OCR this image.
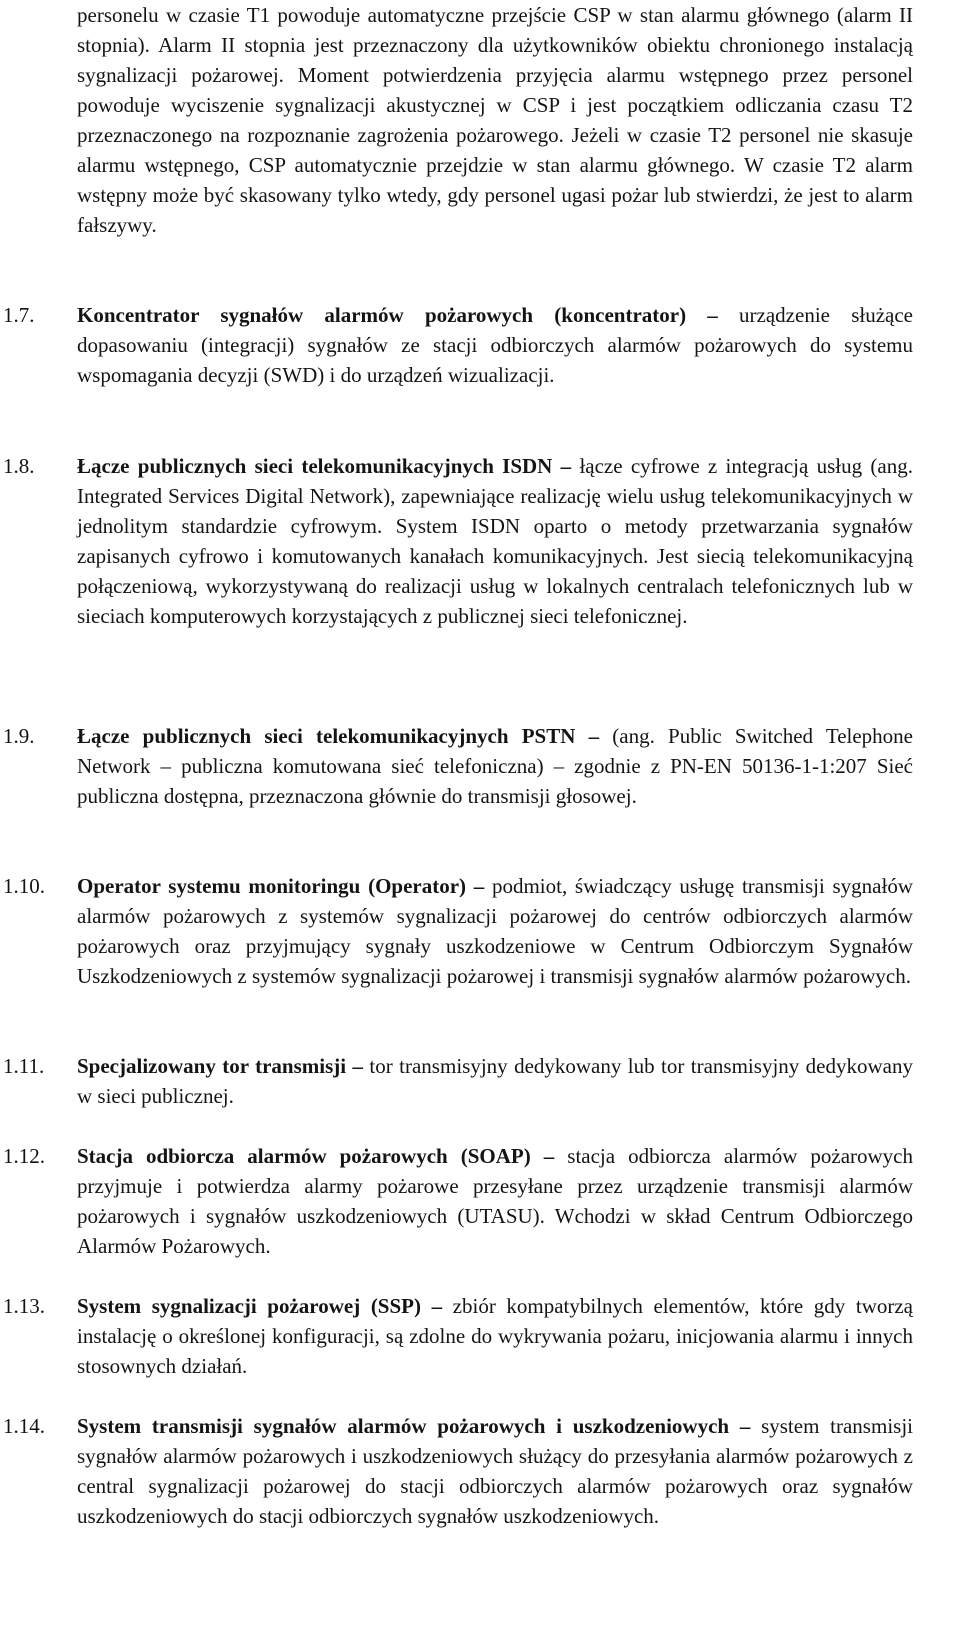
personelu w czasie T1 powoduje automatyczne przejście CSP w stan alarmu głównego (alarm II stopnia). Alarm II stopnia jest przeznaczony dla użytkowników obiektu chronionego instalacją sygnalizacji pożarowej. Moment potwierdzenia przyjęcia alarmu wstępnego przez personel powoduje wyciszenie sygnalizacji akustycznej w CSP i jest początkiem odliczania czasu T2 przeznaczonego na rozpoznanie zagrożenia pożarowego. Jeżeli w czasie T2 personel nie skasuje alarmu wstępnego, CSP automatycznie przejdzie w stan alarmu głównego. W czasie T2 alarm wstępny może być skasowany tylko wtedy, gdy personel ugasi pożar lub stwierdzi, że jest to alarm fałszywy.

1.7.	Koncentrator sygnałów alarmów pożarowych (koncentrator) – urządzenie służące dopasowaniu (integracji) sygnałów ze stacji odbiorczych alarmów pożarowych do systemu wspomagania decyzji (SWD) i do urządzeń wizualizacji.

1.8.	Łącze publicznych sieci telekomunikacyjnych ISDN – łącze cyfrowe z integracją usług (ang. Integrated Services Digital Network), zapewniające realizację wielu usług telekomunikacyjnych w jednolitym standardzie cyfrowym. System ISDN oparto o metody przetwarzania sygnałów zapisanych cyfrowo i komutowanych kanałach komunikacyjnych. Jest siecią telekomunikacyjną połączeniową, wykorzystywaną do realizacji usług w lokalnych centralach telefonicznych lub w sieciach komputerowych korzystających z publicznej sieci telefonicznej.

1.9.	Łącze publicznych sieci telekomunikacyjnych PSTN – (ang. Public Switched Telephone Network – publiczna komutowana sieć telefoniczna) – zgodnie z PN-EN 50136-1-1:207 Sieć publiczna dostępna, przeznaczona głównie do transmisji głosowej.

1.10.	Operator systemu monitoringu (Operator) – podmiot, świadczący usługę transmisji sygnałów alarmów pożarowych z systemów sygnalizacji pożarowej do centrów odbiorczych alarmów pożarowych oraz przyjmujący sygnały uszkodzeniowe w Centrum Odbiorczym Sygnałów Uszkodzeniowych z systemów sygnalizacji pożarowej i transmisji sygnałów alarmów pożarowych.

1.11.	Specjalizowany tor transmisji – tor transmisyjny dedykowany lub tor transmisyjny dedykowany w sieci publicznej.

1.12.	Stacja odbiorcza alarmów pożarowych (SOAP) – stacja odbiorcza alarmów pożarowych przyjmuje i potwierdza alarmy pożarowe przesyłane przez urządzenie transmisji alarmów pożarowych i sygnałów uszkodzeniowych (UTASU). Wchodzi w skład Centrum Odbiorczego Alarmów Pożarowych.

1.13.	System sygnalizacji pożarowej (SSP) – zbiór kompatybilnych elementów, które gdy tworzą instalację o określonej konfiguracji, są zdolne do wykrywania pożaru, inicjowania alarmu i innych stosownych działań.

1.14.	System transmisji sygnałów alarmów pożarowych i uszkodzeniowych – system transmisji sygnałów alarmów pożarowych i uszkodzeniowych służący do przesyłania alarmów pożarowych z central sygnalizacji pożarowej do stacji odbiorczych alarmów pożarowych oraz sygnałów uszkodzeniowych do stacji odbiorczych sygnałów uszkodzeniowych.
